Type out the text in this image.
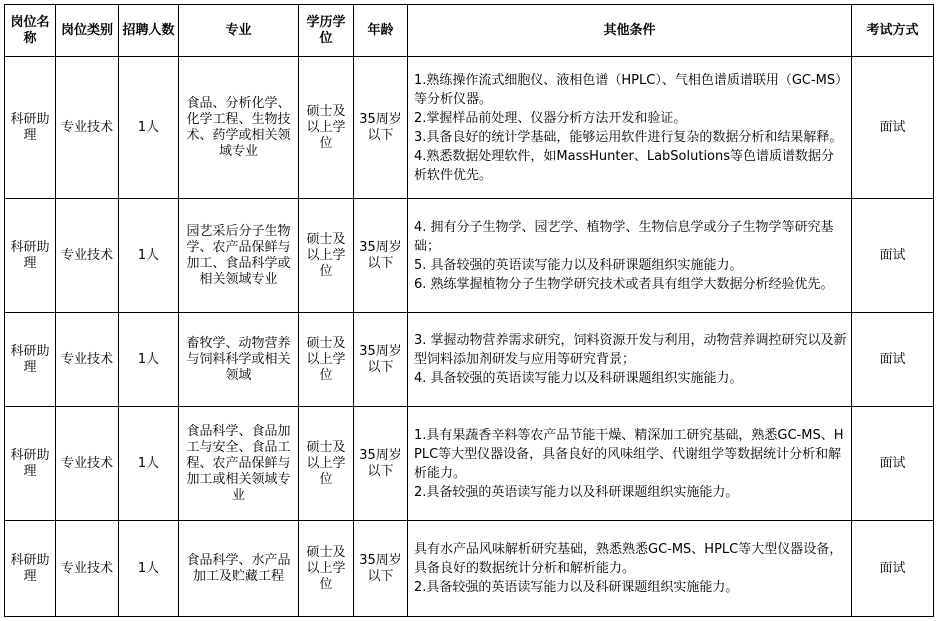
岗位名称	岗位类别	招聘人数	专业	学历学位	年龄	其他条件	考试方式
科研助理	专业技术	1人	食品、分析化学、化学工程、生物技术、药学或相关领域专业	硕士及以上学位	35周岁以下	1.熟练操作流式细胞仪、液相色谱（HPLC）、气相色谱质谱联用（GC-MS）等分析仪器。
2.掌握样品前处理、仪器分析方法开发和验证。
3.具备良好的统计学基础，能够运用软件进行复杂的数据分析和结果解释。
4.熟悉数据处理软件，如MassHunter、LabSolutions等色谱质谱数据分析软件优先。	面试
科研助理	专业技术	1人	园艺采后分子生物学、农产品保鲜与加工、食品科学或相关领域专业	硕士及以上学位	35周岁以下	4. 拥有分子生物学、园艺学、植物学、生物信息学或分子生物学等研究基础；
5. 具备较强的英语读写能力以及科研课题组织实施能力。
6. 熟练掌握植物分子生物学研究技术或者具有组学大数据分析经验优先。	面试
科研助理	专业技术	1人	畜牧学、动物营养与饲料科学或相关领域	硕士及以上学位	35周岁以下	3. 掌握动物营养需求研究，饲料资源开发与利用，动物营养调控研究以及新型饲料添加剂研发与应用等研究背景；
4. 具备较强的英语读写能力以及科研课题组织实施能力。	面试
科研助理	专业技术	1人	食品科学、食品加工与安全、食品工程、农产品保鲜与加工或相关领域专业	硕士及以上学位	35周岁以下	1.具有果蔬香辛料等农产品节能干燥、精深加工研究基础，熟悉GC-MS、HPLC等大型仪器设备，具备良好的风味组学、代谢组学等数据统计分析和解析能力。
2.具备较强的英语读写能力以及科研课题组织实施能力。	面试
科研助理	专业技术	1人	食品科学、水产品加工及贮藏工程	硕士及以上学位	35周岁以下	具有水产品风味解析研究基础，熟悉熟悉GC-MS、HPLC等大型仪器设备，具备良好的数据统计分析和解析能力。
2.具备较强的英语读写能力以及科研课题组织实施能力。	面试
